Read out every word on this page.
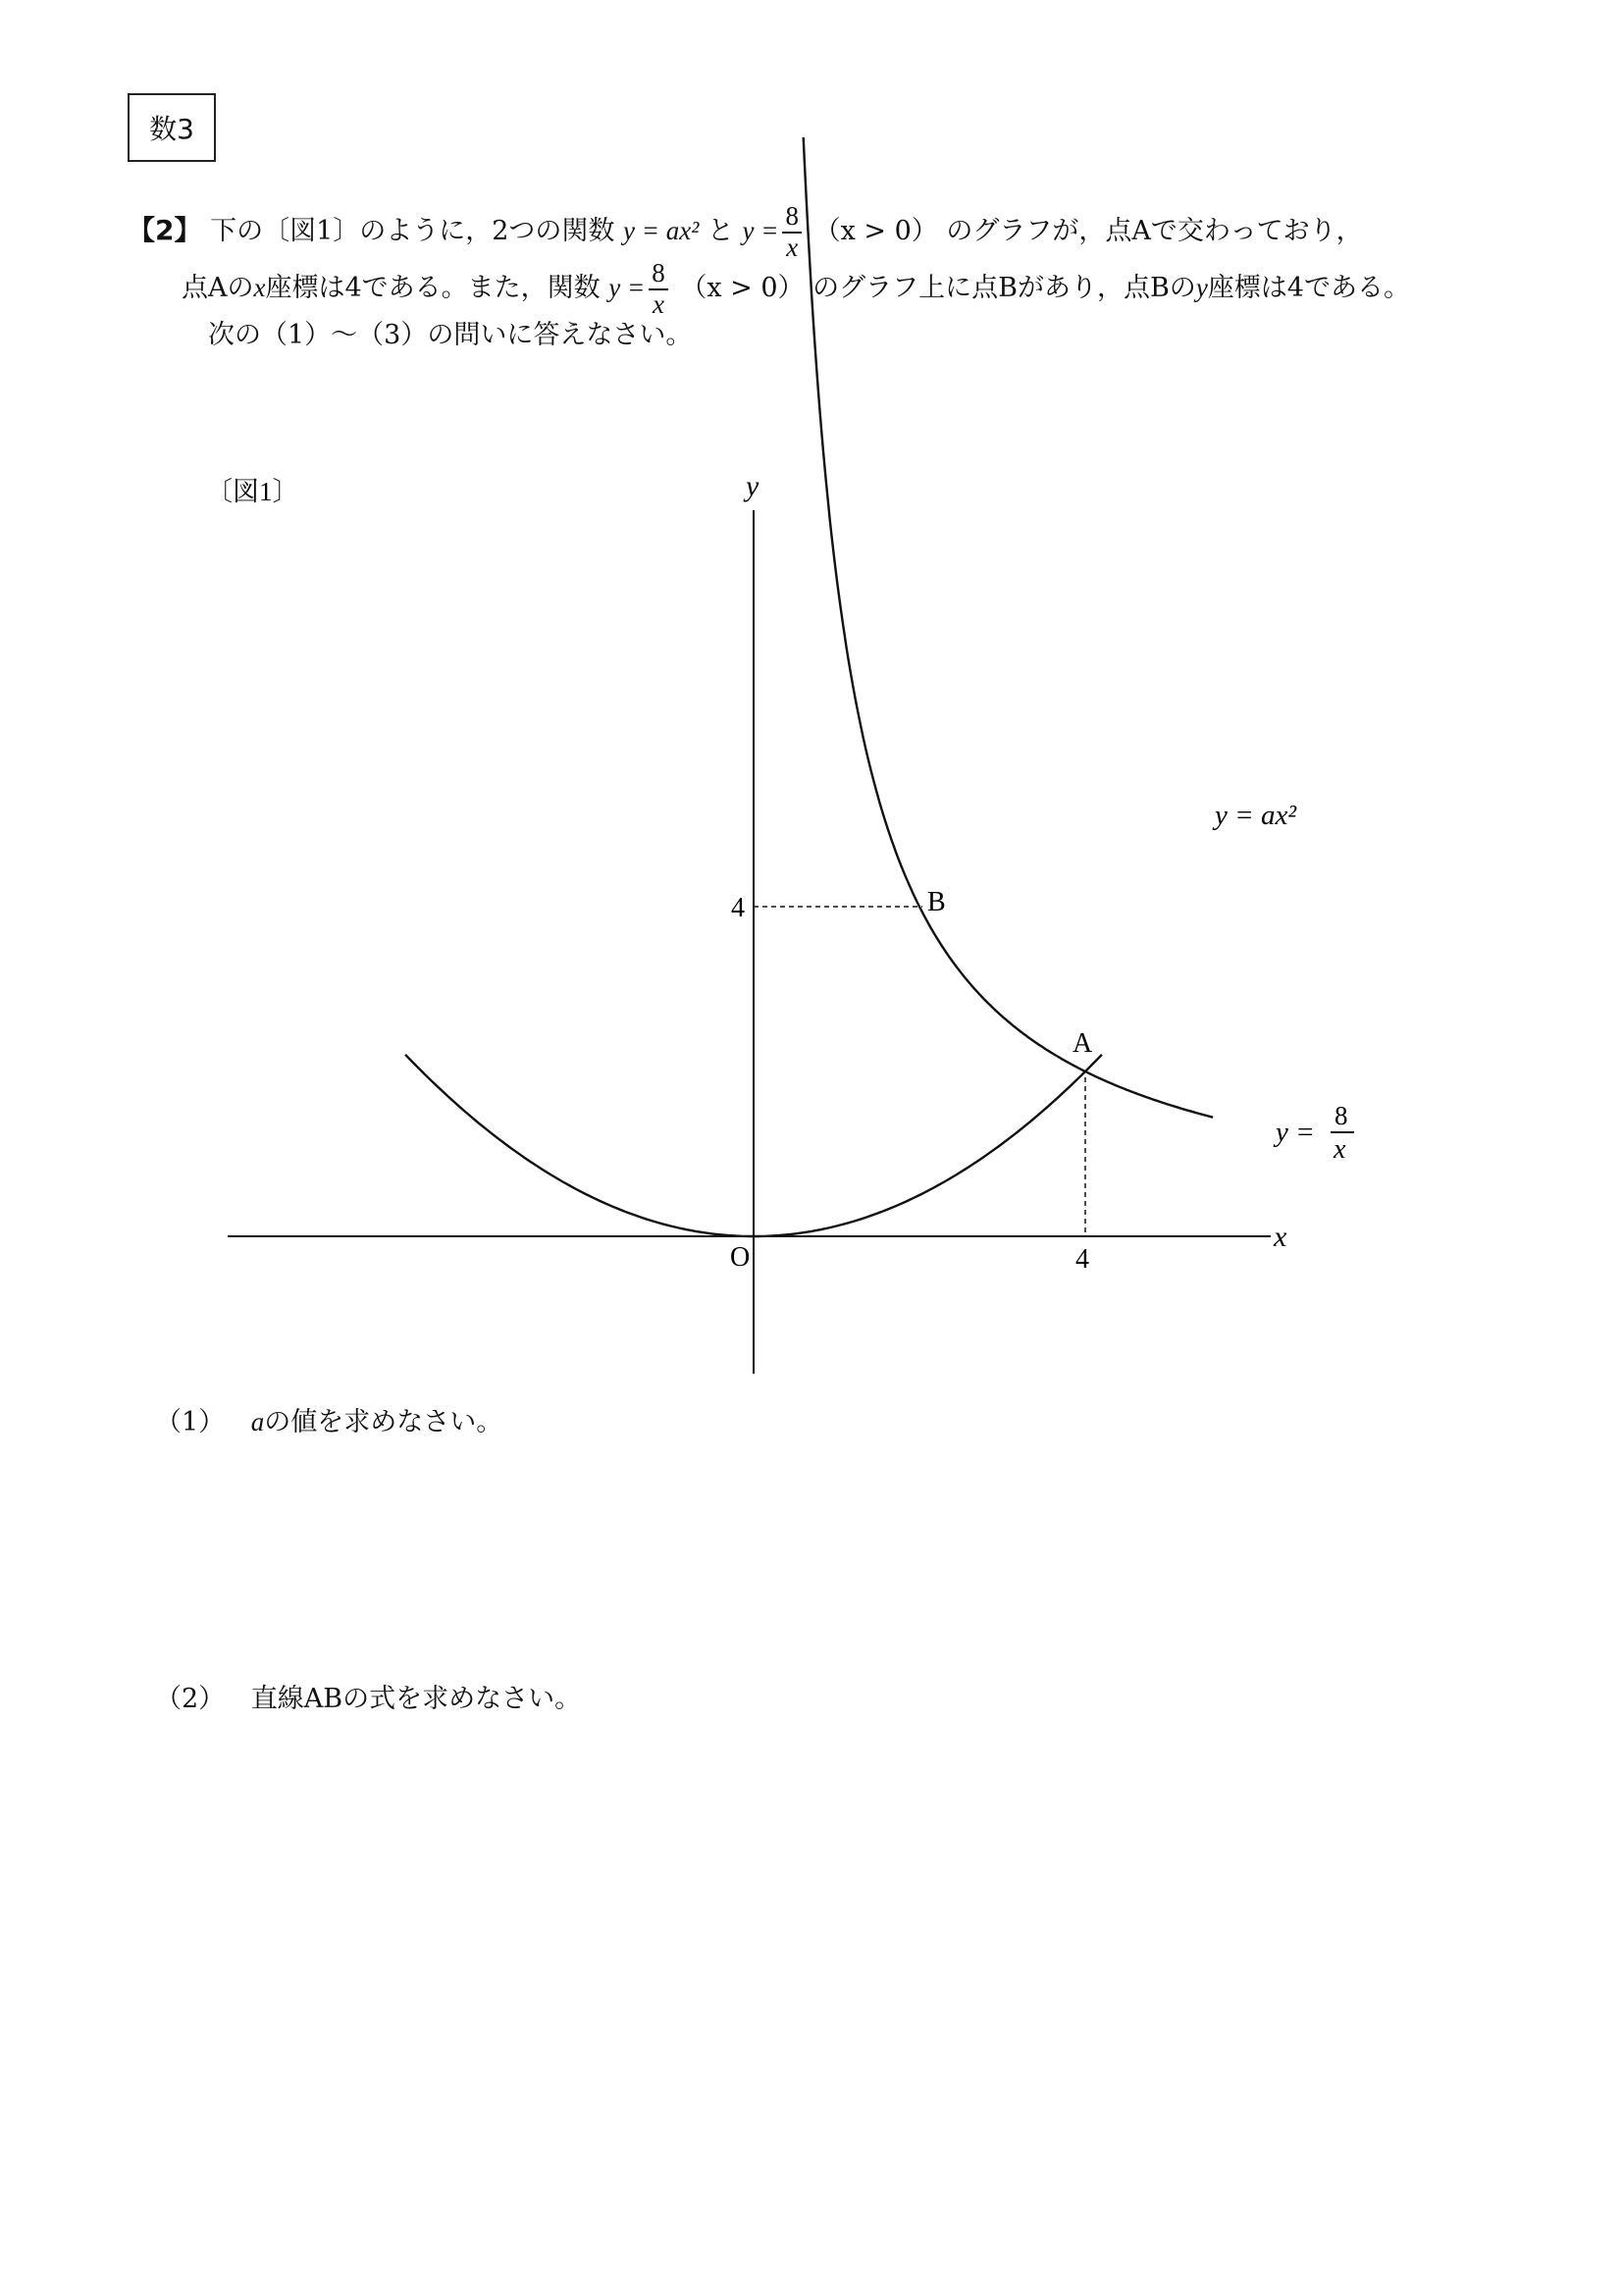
数3
【2】 下の〔図1〕のように，2つの関数 y = ax² と $y = \frac{8}{x} (x > 0)$ のグラフが，点Aで交わっており，
点Aのx座標は4である。また，関数 $y = \frac{8}{x} (x > 0)$ のグラフ上に点Bがあり，点Bのy座標は4である。
次の（1）～（3）の問いに答えなさい。
〔図1〕
x
y
O	4
4	B
A
y = ax²
y =
8
x
（1） aの値を求めなさい。
（2） 直線ABの式を求めなさい。
